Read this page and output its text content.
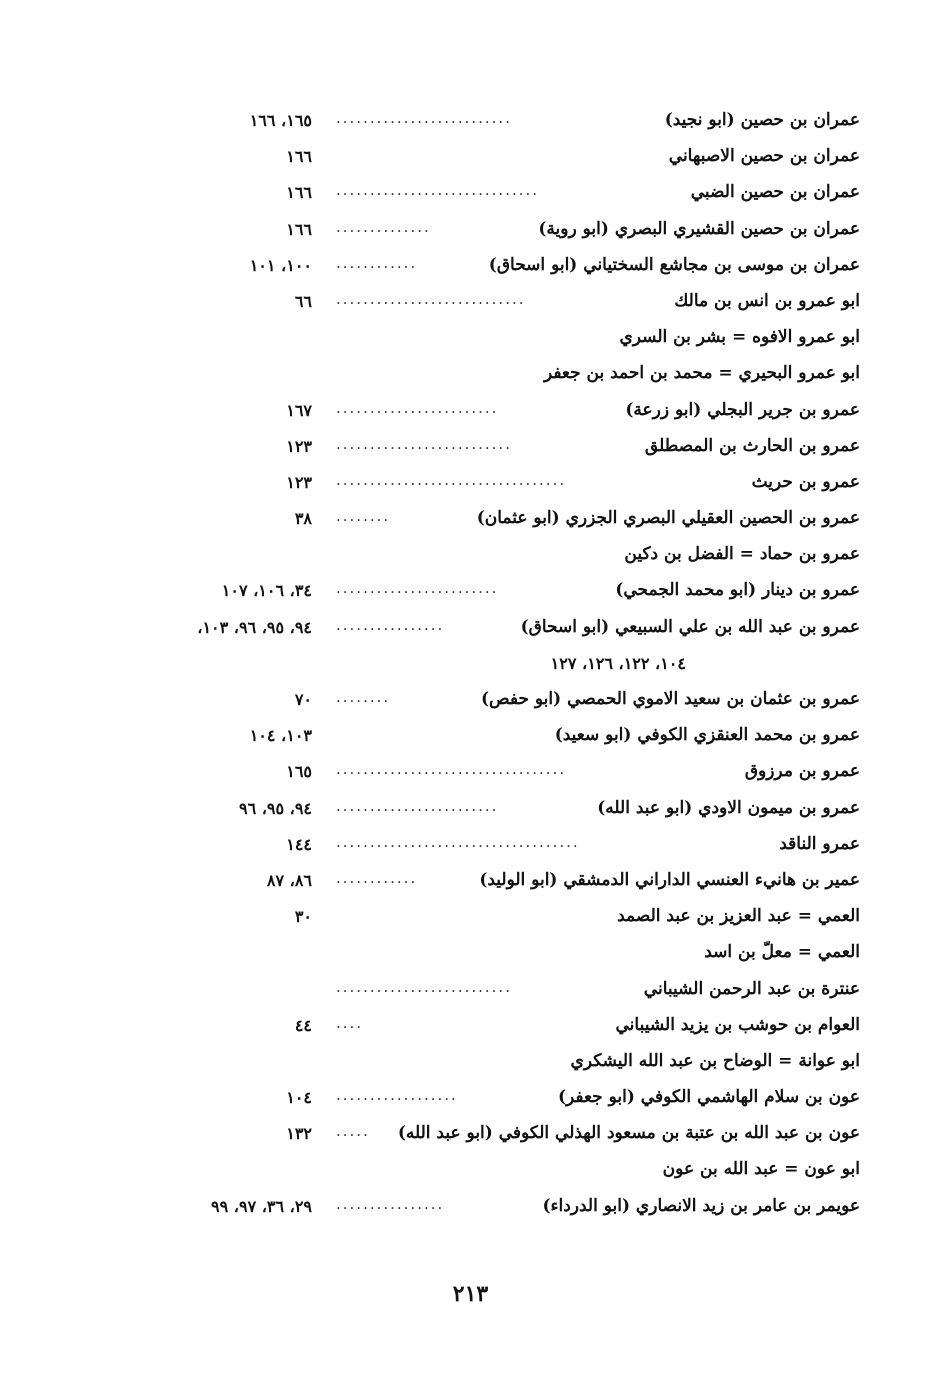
عمران بن حصين (ابو نجيد)
..........................
١٦٥، ١٦٦
عمران بن حصين الاصبهاني
١٦٦
عمران بن حصين الضبي
..............................
١٦٦
عمران بن حصين القشيري البصري (ابو روية)
..............
١٦٦
عمران بن موسى بن مجاشع السختياني (ابو اسحاق)
............
١٠٠، ١٠١
ابو عمرو بن انس بن مالك
............................
٦٦
ابو عمرو الافوه = بشر بن السري
ابو عمرو البحيري = محمد بن احمد بن جعفر
عمرو بن جرير البجلي (ابو زرعة)
........................
١٦٧
عمرو بن الحارث بن المصطلق
..........................
١٢٣
عمرو بن حريث
..................................
١٢٣
عمرو بن الحصين العقيلي البصري الجزري (ابو عثمان)
........
٣٨
عمرو بن حماد = الفضل بن دكين
عمرو بن دينار (ابو محمد الجمحي)
........................
٣٤، ١٠٦، ١٠٧
عمرو بن عبد الله بن علي السبيعي (ابو اسحاق)
................
٩٤، ٩٥، ٩٦، ١٠٣،
١٠٤، ١٢٢، ١٢٦، ١٢٧
عمرو بن عثمان بن سعيد الاموي الحمصي (ابو حفص)
........
٧٠
عمرو بن محمد العنقزي الكوفي (ابو سعيد)
١٠٣، ١٠٤
عمرو بن مرزوق
..................................
١٦٥
عمرو بن ميمون الاودي (ابو عبد الله)
........................
٩٤، ٩٥، ٩٦
عمرو الناقد
....................................
١٤٤
عمير بن هانيء العنسي الداراني الدمشقي (ابو الوليد)
............
٨٦، ٨٧
العمي = عبد العزيز بن عبد الصمد
٣٠
العمي = معلّ بن اسد
عنترة بن عبد الرحمن الشيباني
..........................
العوام بن حوشب بن يزيد الشيباني
....
٤٤
ابو عوانة = الوضاح بن عبد الله اليشكري
عون بن سلام الهاشمي الكوفي (ابو جعفر)
..................
١٠٤
عون بن عبد الله بن عتبة بن مسعود الهذلي الكوفي (ابو عبد الله)
.....
١٣٢
ابو عون = عبد الله بن عون
عويمر بن عامر بن زيد الانصاري (ابو الدرداء)
................
٢٩، ٣٦، ٩٧، ٩٩
٢١٣
